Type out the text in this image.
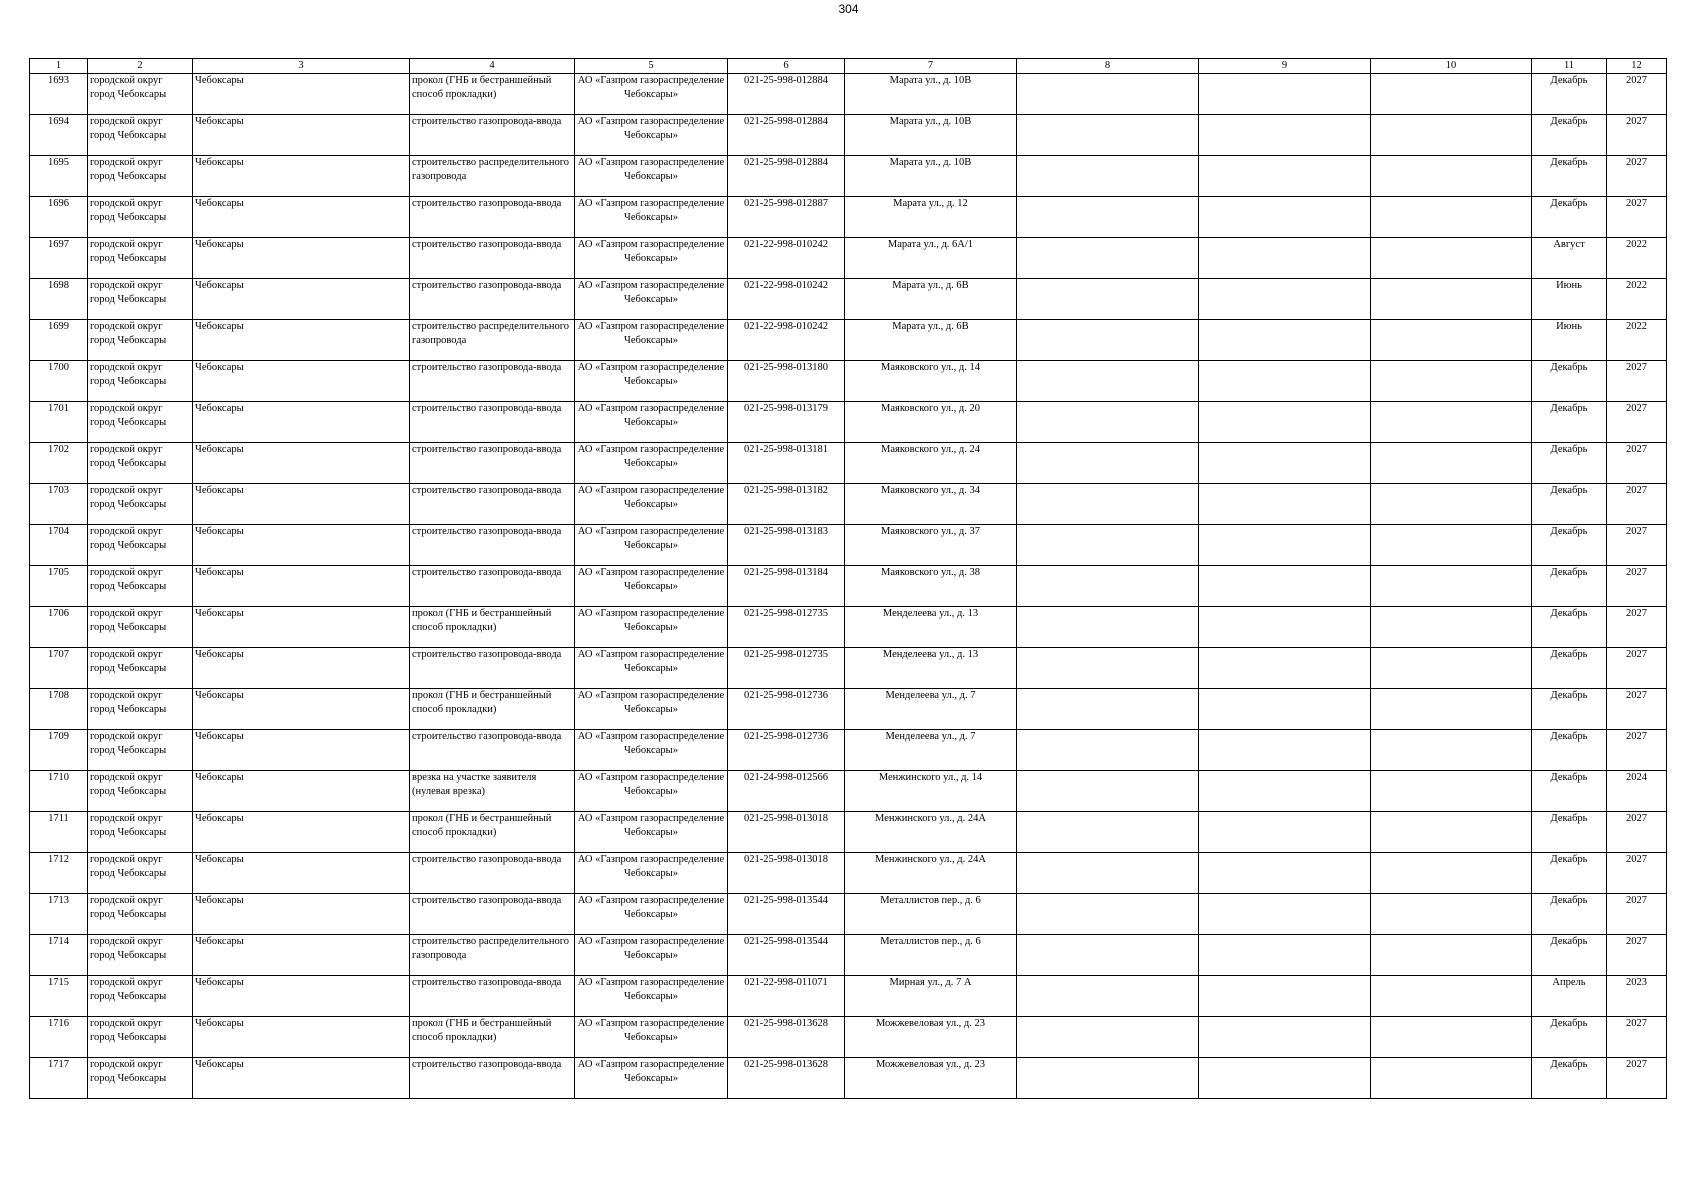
304
1	2	3	4	5	6	7	8	9	10	11	12

1693	городской округ город Чебоксары	Чебоксары	прокол (ГНБ и бестраншейный способ прокладки)	АО «Газпром газораспределение Чебоксары»	021-25-998-012884	Марата ул., д. 10В				Декабрь	2027

1694	городской округ город Чебоксары	Чебоксары	строительство газопровода-ввода	АО «Газпром газораспределение Чебоксары»	021-25-998-012884	Марата ул., д. 10В				Декабрь	2027

1695	городской округ город Чебоксары	Чебоксары	строительство распределительного газопровода	АО «Газпром газораспределение Чебоксары»	021-25-998-012884	Марата ул., д. 10В				Декабрь	2027

1696	городской округ город Чебоксары	Чебоксары	строительство газопровода-ввода	АО «Газпром газораспределение Чебоксары»	021-25-998-012887	Марата ул., д. 12				Декабрь	2027

1697	городской округ город Чебоксары	Чебоксары	строительство газопровода-ввода	АО «Газпром газораспределение Чебоксары»	021-22-998-010242	Марата ул., д. 6А/1				Август	2022

1698	городской округ город Чебоксары	Чебоксары	строительство газопровода-ввода	АО «Газпром газораспределение Чебоксары»	021-22-998-010242	Марата ул., д. 6В				Июнь	2022

1699	городской округ город Чебоксары	Чебоксары	строительство распределительного газопровода	АО «Газпром газораспределение Чебоксары»	021-22-998-010242	Марата ул., д. 6В				Июнь	2022

1700	городской округ город Чебоксары	Чебоксары	строительство газопровода-ввода	АО «Газпром газораспределение Чебоксары»	021-25-998-013180	Маяковского ул., д. 14				Декабрь	2027

1701	городской округ город Чебоксары	Чебоксары	строительство газопровода-ввода	АО «Газпром газораспределение Чебоксары»	021-25-998-013179	Маяковского ул., д. 20				Декабрь	2027

1702	городской округ город Чебоксары	Чебоксары	строительство газопровода-ввода	АО «Газпром газораспределение Чебоксары»	021-25-998-013181	Маяковского ул., д. 24				Декабрь	2027

1703	городской округ город Чебоксары	Чебоксары	строительство газопровода-ввода	АО «Газпром газораспределение Чебоксары»	021-25-998-013182	Маяковского ул., д. 34				Декабрь	2027

1704	городской округ город Чебоксары	Чебоксары	строительство газопровода-ввода	АО «Газпром газораспределение Чебоксары»	021-25-998-013183	Маяковского ул., д. 37				Декабрь	2027

1705	городской округ город Чебоксары	Чебоксары	строительство газопровода-ввода	АО «Газпром газораспределение Чебоксары»	021-25-998-013184	Маяковского ул., д. 38				Декабрь	2027

1706	городской округ город Чебоксары	Чебоксары	прокол (ГНБ и бестраншейный способ прокладки)	АО «Газпром газораспределение Чебоксары»	021-25-998-012735	Менделеева ул., д. 13				Декабрь	2027

1707	городской округ город Чебоксары	Чебоксары	строительство газопровода-ввода	АО «Газпром газораспределение Чебоксары»	021-25-998-012735	Менделеева ул., д. 13				Декабрь	2027

1708	городской округ город Чебоксары	Чебоксары	прокол (ГНБ и бестраншейный способ прокладки)	АО «Газпром газораспределение Чебоксары»	021-25-998-012736	Менделеева ул., д. 7				Декабрь	2027

1709	городской округ город Чебоксары	Чебоксары	строительство газопровода-ввода	АО «Газпром газораспределение Чебоксары»	021-25-998-012736	Менделеева ул., д. 7				Декабрь	2027

1710	городской округ город Чебоксары	Чебоксары	врезка на участке заявителя (нулевая врезка)	АО «Газпром газораспределение Чебоксары»	021-24-998-012566	Менжинского ул., д. 14				Декабрь	2024

1711	городской округ город Чебоксары	Чебоксары	прокол (ГНБ и бестраншейный способ прокладки)	АО «Газпром газораспределение Чебоксары»	021-25-998-013018	Менжинского ул., д. 24А				Декабрь	2027

1712	городской округ город Чебоксары	Чебоксары	строительство газопровода-ввода	АО «Газпром газораспределение Чебоксары»	021-25-998-013018	Менжинского ул., д. 24А				Декабрь	2027

1713	городской округ город Чебоксары	Чебоксары	строительство газопровода-ввода	АО «Газпром газораспределение Чебоксары»	021-25-998-013544	Металлистов пер., д. 6				Декабрь	2027

1714	городской округ город Чебоксары	Чебоксары	строительство распределительного газопровода	АО «Газпром газораспределение Чебоксары»	021-25-998-013544	Металлистов пер., д. 6				Декабрь	2027

1715	городской округ город Чебоксары	Чебоксары	строительство газопровода-ввода	АО «Газпром газораспределение Чебоксары»	021-22-998-011071	Мирная ул., д. 7 А				Апрель	2023

1716	городской округ город Чебоксары	Чебоксары	прокол (ГНБ и бестраншейный способ прокладки)	АО «Газпром газораспределение Чебоксары»	021-25-998-013628	Можжевеловая ул., д. 23				Декабрь	2027

1717	городской округ город Чебоксары	Чебоксары	строительство газопровода-ввода	АО «Газпром газораспределение Чебоксары»	021-25-998-013628	Можжевеловая ул., д. 23				Декабрь	2027
